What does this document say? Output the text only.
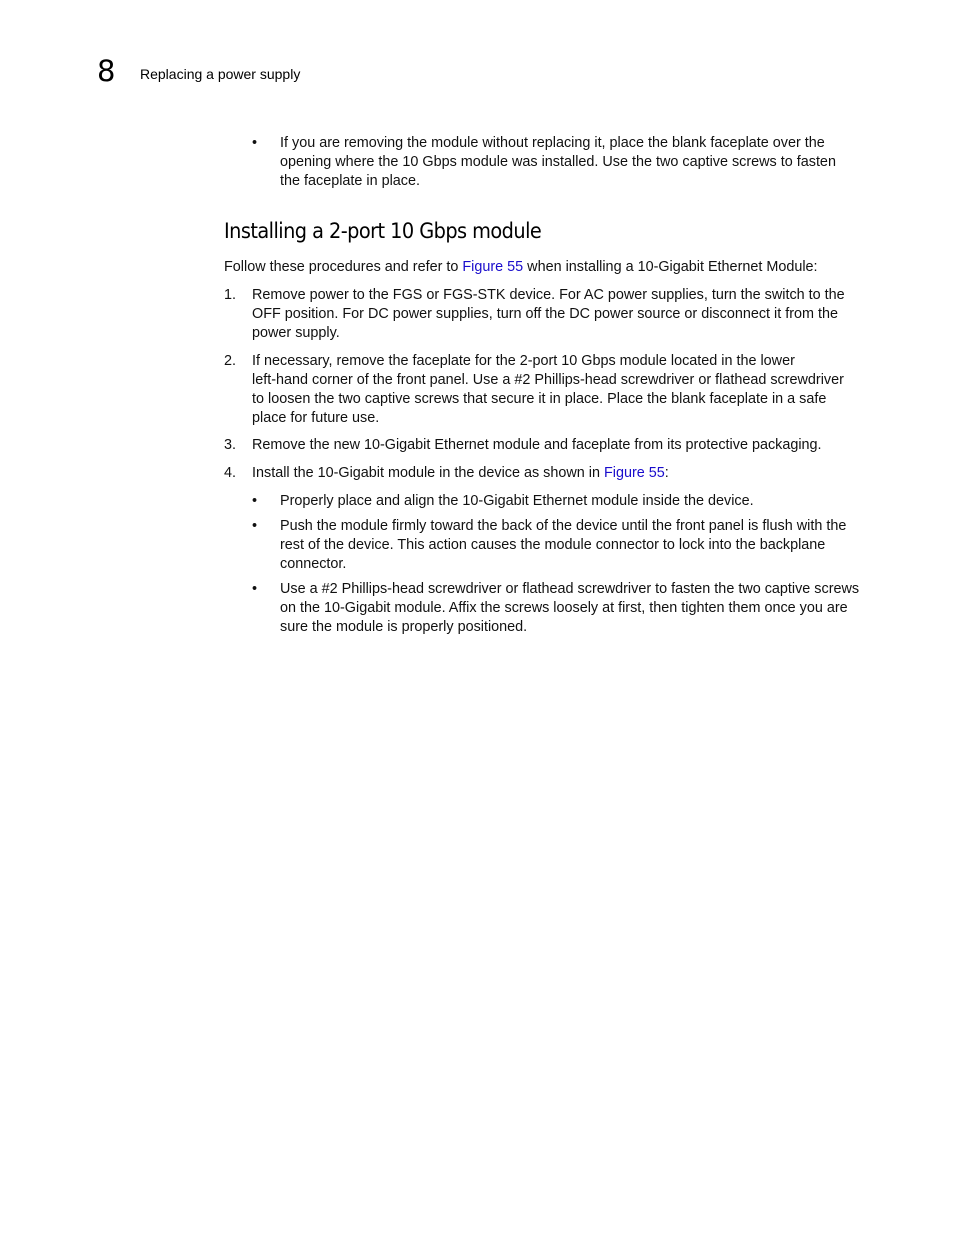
8 Replacing a power supply
• If you are removing the module without replacing it, place the blank faceplate over the
opening where the 10 Gbps module was installed. Use the two captive screws to fasten
the faceplate in place.
Installing a 2-port 10 Gbps module

Follow these procedures and refer to Figure 55 when installing a 10-Gigabit Ethernet Module:

1. Remove power to the FGS or FGS-STK device. For AC power supplies, turn the switch to the
OFF position. For DC power supplies, turn off the DC power source or disconnect it from the
power supply.
2. If necessary, remove the faceplate for the 2-port 10 Gbps module located in the lower
left-hand corner of the front panel. Use a #2 Phillips-head screwdriver or flathead screwdriver
to loosen the two captive screws that secure it in place. Place the blank faceplate in a safe
place for future use.
3. Remove the new 10-Gigabit Ethernet module and faceplate from its protective packaging.
4. Install the 10-Gigabit module in the device as shown in Figure 55:
• Properly place and align the 10-Gigabit Ethernet module inside the device.
• Push the module firmly toward the back of the device until the front panel is flush with the
rest of the device. This action causes the module connector to lock into the backplane
connector.
• Use a #2 Phillips-head screwdriver or flathead screwdriver to fasten the two captive screws
on the 10-Gigabit module. Affix the screws loosely at first, then tighten them once you are
sure the module is properly positioned.
